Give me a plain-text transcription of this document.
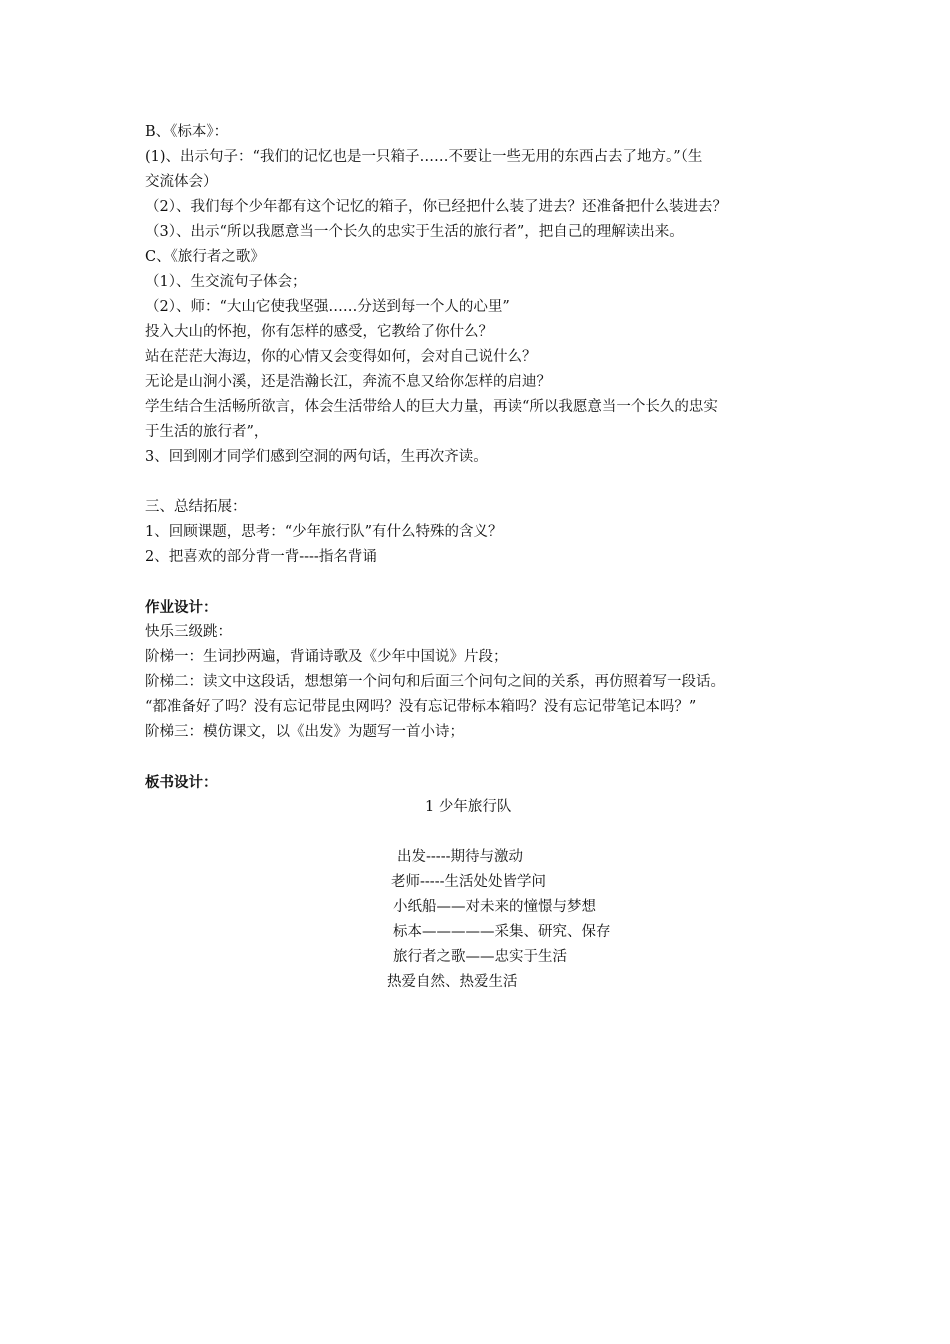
B、《标本》：
(1)、出示句子：“我们的记忆也是一只箱子……不要让一些无用的东西占去了地方。”（生
交流体会）
（2）、我们每个少年都有这个记忆的箱子，你已经把什么装了进去？还准备把什么装进去？
（3）、出示“所以我愿意当一个长久的忠实于生活的旅行者”，把自己的理解读出来。
C、《旅行者之歌》
（1）、生交流句子体会；
（2）、师：“大山它使我坚强……分送到每一个人的心里”
投入大山的怀抱，你有怎样的感受，它教给了你什么？
站在茫茫大海边，你的心情又会变得如何，会对自己说什么？
无论是山涧小溪，还是浩瀚长江，奔流不息又给你怎样的启迪？
学生结合生活畅所欲言，体会生活带给人的巨大力量，再读“所以我愿意当一个长久的忠实
于生活的旅行者”，
3、回到刚才同学们感到空洞的两句话，生再次齐读。
三、总结拓展：
1、回顾课题，思考：“少年旅行队”有什么特殊的含义？
2、把喜欢的部分背一背----指名背诵
作业设计：
快乐三级跳：
阶梯一：生词抄两遍，背诵诗歌及《少年中国说》片段；
阶梯二：读文中这段话，想想第一个问句和后面三个问句之间的关系，再仿照着写一段话。
“都准备好了吗？没有忘记带昆虫网吗？没有忘记带标本箱吗？没有忘记带笔记本吗？”
阶梯三：模仿课文，以《出发》为题写一首小诗；
板书设计：
1 少年旅行队
出发-----期待与激动
老师-----生活处处皆学问
小纸船——对未来的憧憬与梦想
标本—————采集、研究、保存
旅行者之歌——忠实于生活
热爱自然、热爱生活
